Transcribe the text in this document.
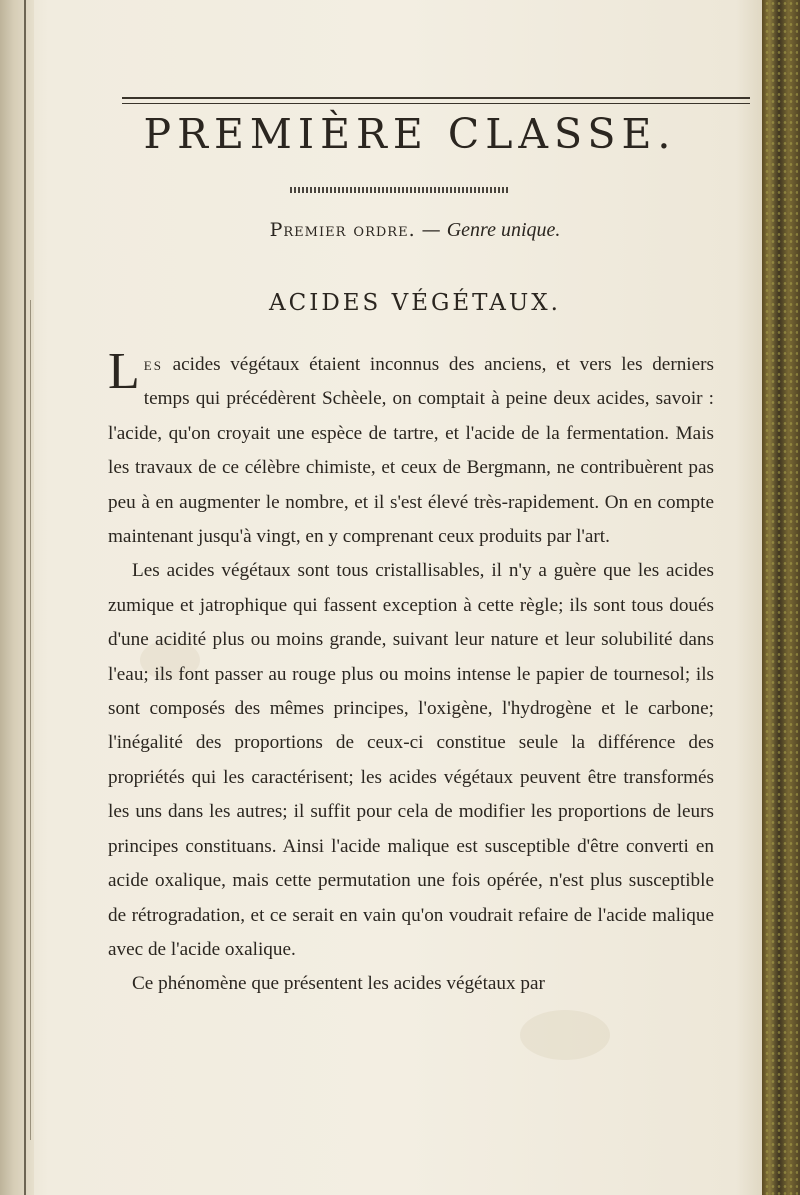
PREMIÈRE CLASSE.
Premier ordre. — Genre unique.
ACIDES VÉGÉTAUX.

Les acides végétaux étaient inconnus des anciens, et vers les derniers temps qui précédèrent Schèele, on comptait à peine deux acides, savoir : l'acide, qu'on croyait une espèce de tartre, et l'acide de la fermentation. Mais les travaux de ce célèbre chimiste, et ceux de Bergmann, ne contribuèrent pas peu à en augmenter le nombre, et il s'est élevé très-rapidement. On en compte maintenant jusqu'à vingt, en y comprenant ceux produits par l'art.

Les acides végétaux sont tous cristallisables, il n'y a guère que les acides zumique et jatrophique qui fassent exception à cette règle; ils sont tous doués d'une acidité plus ou moins grande, suivant leur nature et leur solubilité dans l'eau; ils font passer au rouge plus ou moins intense le papier de tournesol; ils sont composés des mêmes principes, l'oxigène, l'hydrogène et le carbone; l'inégalité des proportions de ceux-ci constitue seule la différence des propriétés qui les caractérisent; les acides végétaux peuvent être transformés les uns dans les autres; il suffit pour cela de modifier les proportions de leurs principes constituans. Ainsi l'acide malique est susceptible d'être converti en acide oxalique, mais cette permutation une fois opérée, n'est plus susceptible de rétrogradation, et ce serait en vain qu'on voudrait refaire de l'acide malique avec de l'acide oxalique.

Ce phénomène que présentent les acides végétaux par
